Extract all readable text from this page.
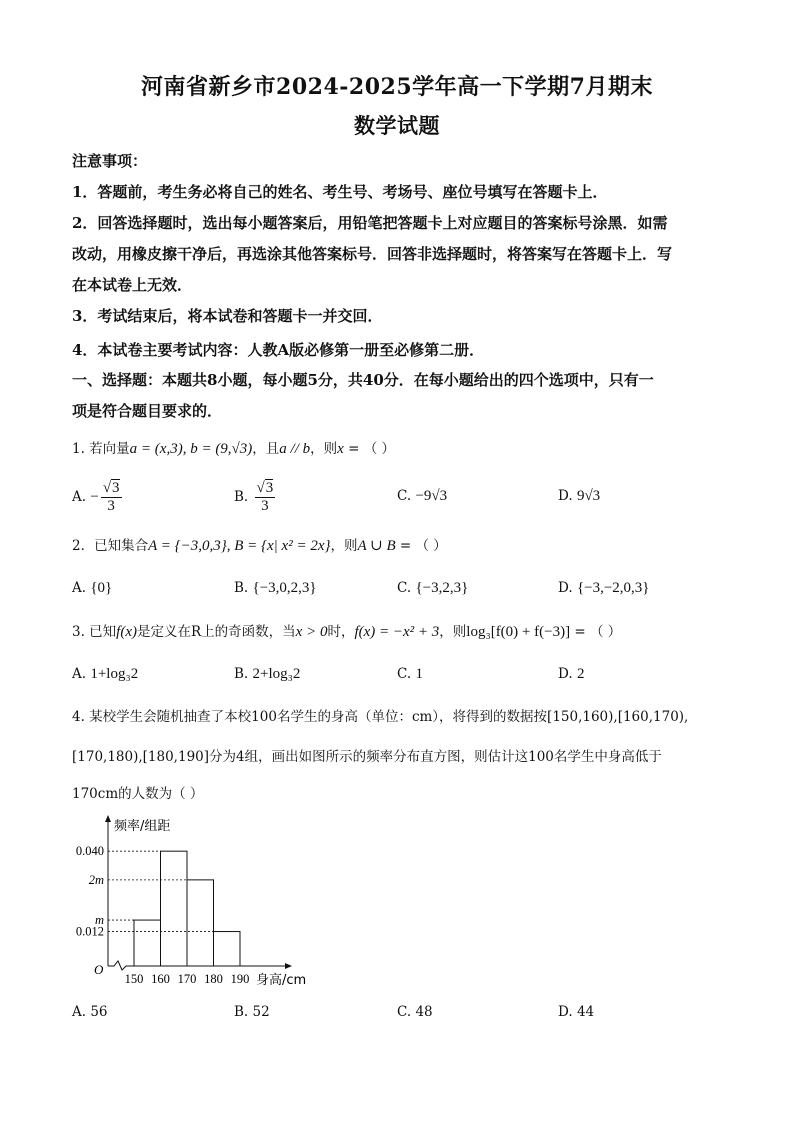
河南省新乡市2024-2025学年高一下学期7月期末
数学试题
注意事项：
1．答题前，考生务必将自己的姓名、考生号、考场号、座位号填写在答题卡上．
2．回答选择题时，选出每小题答案后，用铅笔把答题卡上对应题目的答案标号涂黑．如需
改动，用橡皮擦干净后，再选涂其他答案标号．回答非选择题时，将答案写在答题卡上．写
在本试卷上无效．
3．考试结束后，将本试卷和答题卡一并交回．
4．本试卷主要考试内容：人教A版必修第一册至必修第二册．
一、选择题：本题共8小题，每小题5分，共40分．在每小题给出的四个选项中，只有一
项是符合题目要求的．
1. 若向量a = (x,3), b = (9,√3)，且a // b，则x = （ ）
A. − $\frac{√3}{3}$	B. $\frac{√3}{3}$	C. −9√3	D. 9√3
2．已知集合A = {−3,0,3}, B = {x| x² = 2x}，则A ∪ B = （ ）
A. {0}	B. {−3,0,2,3}	C. {−3,2,3}	D. {−3,−2,0,3}
3. 已知f(x)是定义在R上的奇函数，当x > 0时，f(x) = −x² + 3，则log₃[f(0) + f(−3)] = （ ）
A. 1+log₃2	B. 2+log₃2	C. 1	D. 2
4. 某校学生会随机抽查了本校100名学生的身高（单位：cm），将得到的数据按[150,160),[160,170),
[170,180),[180,190]分为4组，画出如图所示的频率分布直方图，则估计这100名学生中身高低于
170cm的人数为（ ）
O
频率/组距
身高/cm
m
0.040
2m
0.012
150 160 170 180 190
A. 56	B. 52	C. 48	D. 44
